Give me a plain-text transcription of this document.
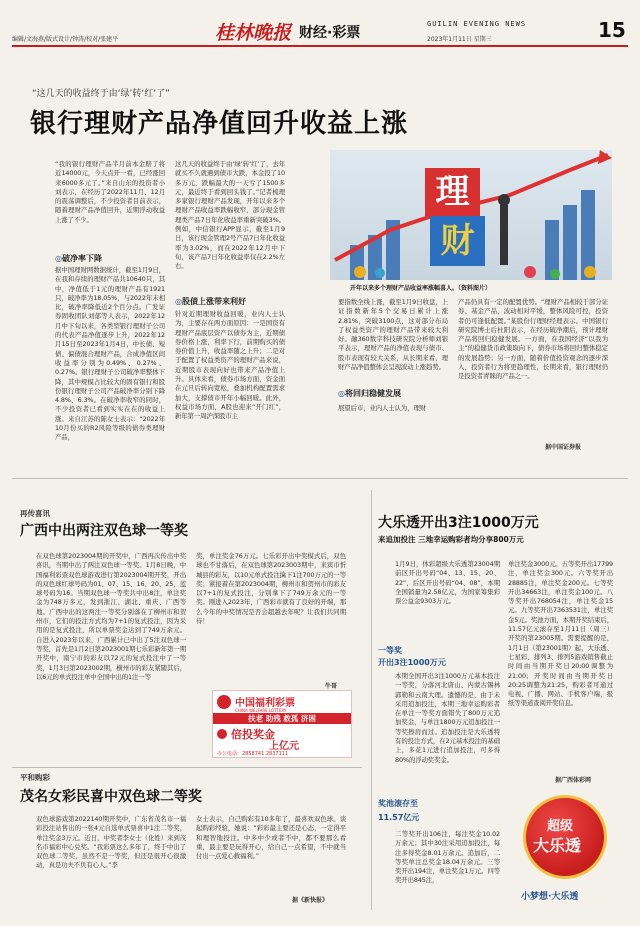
编辑/文海燕/版式设计/钟涛/校对/张建平	桂林晚报 财经·彩票
GUILIN EVENING NEWS
2023年1月11日 星期三	15
“这几天的收益终于由‘绿’转‘红’了”
银行理财产品净值回升收益上涨
“我的银行理财产品半月前本金赔了将近14000元，今天点开一看，已经涨回来6000多元了。”来自山东的投资者小刘表示，在经历了2022年11月、12月的震荡调整后，不少投资者目前表示，随着理财产品净值回升，近期浮动收益上涨了不少。
◎破净率下降
据中国理财网数据统计，截至1月9日，在我和存续的理财产品共10640只，其中，净值低于1元的理财产品有1921只，破净率为18.05%，与2022年末相比，破净率降低近2个百分点。广发证券固收团队刘郁等人表示，2022年12月中下旬以来，各类型银行理财子公司的代表产品净值逐步上升，2022年12月15日至2023年1月4日，中长债、短债、偏债混合理财产品，合成净值区间收益率分别为0.49%、0.27%、0.27%。银行理财子公司破净率整体下降，其中规模占比较大的固有银行和股份银行理财子公司产品破净率分别下降4.8%、6.3%。在破净率收窄的同时，不少投资者已看到实实在在的收益上涨。来自江苏的陈女士表示：“2022年10月份买的R2风险等级的债券类理财产品，
这几天的收益终于由‘绿’转‘红’了，去年就买不久就遇到债市大跌，本金投了10多万元，跌幅最大的一天亏了1500多元，最近终于看到回头钱了。”记者梳理多家银行理财产品发现，开年以来多个理财产品收益率跌幅收窄，部分现金管理类产品7日年化收益率重新突破3%。例如，中信银行APP显示，截至1月9日，该行现金管理2号产品7日年化收益率为3.02%，而在2022年12月中下旬，该产品7日年化收益率仅在2.2%左右。
◎股债上涨带来利好
针对近期理财收益回暖，业内人士认为，主要存在两方面原因：一是国资有理财产品底层资产以债券为主，近期债券价格上涨，利率下行，前期购买的债券价值上升，收益率随之上升；二是对于配置了权益类资产的理财产品来说，近期股市表现向好也带来产品净值上升。具体来看，债券市场方面，资金面在元旦后转向宽松，叠加机构配置需求加大，支撑债市开年小幅回暖。此外，权益市场方面，A股也迎来“开门红”，新年第一周沪深股市主
理
财
开年以来多个理财产品收益率涨幅喜人。（资料图片）
要指数全线上涨，截至1月9日收盘，上证指数新年5个交易日累计上涨2.81%，突破3100点，这对部分布局了权益类资产的理财产品带来较大利好。融360数字科技研究院分析师刘银平表示，理财产品的净值表现与债市、股市表现有较大关系，从长期来看，理财产品净值整体会呈现波动上涨趋势。
◎将回归稳健发展
展望后市，业内人士认为，理财
产品仍具有一定的配置优势。“理财产品相较于部分证券、基金产品，波动相对平缓，整体风险可控，投资者仍可逢低配置。”某股份行理财经理表示。中国银行研究院博士后杜阳表示，在经历破净潮后，预计理财产品将回归稳健发展。一方面，在我国经济“以我为主”的稳健货币政策取向下，债券市场将回归整体稳定的发展趋势；另一方面，随着价值投资观念的逐步深入，投资者行为将更趋理性，长期来看，银行理财仍是投资者青睐的产品之一。
据中国证券报
再传喜讯
广西中出两注双色球一等奖
在双色球第2023004期的开奖中，广西再次传出中奖喜讯，当期中出了两注双色球一等奖。1月8日晚，中国福利彩票双色球游戏进行第2023004期开奖，开出的双色球红球号码为01、07、15、16、20、25，蓝球号码为16。当期双色球一等奖共中出8注，单注奖金为748万多元，发到浙江、湖北、重庆、广西等地。广西中出的这两注一等奖分别落在了柳州市和贺州市，它们的投注方式均为7+1的复式投注，因为采用的是复式投注，所以单票奖金达到了749万余元。自进入2023年以来，广西累计已中出了5注双色球一等奖，首先是1月2日第2023001期七乐彩新年第一期开奖中，南宁市的彩友以72元的复式投注中了一等奖，1月3日第2023002期，横州市的彩友紧随其后，以6元的单式投注单中全国中出的1注一等
奖，单注奖金76万元。七乐彩开出中奖模式后，双色球也不甘落后，在双色球第2023003期中，来宾市忻城县的彩友，以10元单式投注擒下1注700万元的一等奖；紧接着在第2023004期，柳州市和贺州市的彩友以7+1的复式投注，分别拿下了749万余元的一等奖。刚进入2023年，广西彩市就有了良好的开端，那么今年的中奖情况是否会超越去年呢？让我们共同期待！
牛哥
中国福利彩票
CHINA WELFARE LOTTERY
扶老 助残 救孤 济困
倍投奖金
上亿元
办公电话：2858741 2837111
平和购彩
茂名女彩民喜中双色球二等奖
双色球游戏第2022140期开奖中，广东省茂名市一福彩投注站售出的一张4元自选单式票喜中1注二等奖，单注奖金3万元。近日，中奖者李女士（化姓）来到茂名市福彩中心兑奖。“我彩票这么多年了，终于中出了双色球二等奖，虽然不是一等奖，但还是很开心很激动，真是功夫不负有心人。”李
女士表示，自己购彩有10多年了，最喜欢双色球。谈起购彩经验，她说：“彩彩最主要还是心态，一定得平和理智地投注。中多中少或者不中，都不要那么看重，最主要是玩得开心，给自己一点希望，不中就当付出一点爱心救福利。”
据《新快报》
大乐透开出3注1000万元
来追加投注 三地幸运购彩者均分享800万元
1月9日，体彩超级大乐透第23004期前区开出号码“04、13、15、20、22”，后区开出号码“04、08”，本期全国销量为2.58亿元，为国家筹集彩票公益金9303万元。
一等奖
开出3注1000万元
本期全国开出3注1000万元基本投注一等奖，分落河北唐山、内蒙古锡林郭勒和云南大理。遗憾的是，由于未采用追加投注，本期三地幸运购彩者在单注一等奖方面错失了800万元追加奖金，与单注1800万元追加投注一等奖擦肩而过。追加投注是大乐透特有的投注方式，在2元基本投注的基础上，多花1元进行追加投注，可多得80%的浮动奖奖金。
奖池滚存至
11.57亿元
二等奖开出106注，每注奖金10.02万余元；其中30注采用追加投注，每注多得奖金8.01万余元。追加后，二等奖单注总奖金18.04万余元。三等奖开出194注，单注奖金1万元。四等奖开出845注，
单注奖金3000元。五等奖开出17799注，单注奖金300元。六等奖开出28885注，单注奖金200元。七等奖开出34663注，单注奖金100元。八等奖开出768054注，单注奖金15元。九等奖开出7363531注，单注奖金5元。奖池方面，本期开奖结束后，11.57亿元滚存至1月11日（周三）开奖的第23005期。需要提醒的是，1月1日（第23001期）起，大乐透、七星彩、排列3、排列5游戏销售截止时间由当期开奖日20:00调整为21:00；开奖时间由当期开奖日20:25调整为21:25，购彩者可通过电视、广播、网站、手机客户端，报纸等渠道查阅开奖信息。
据广西体彩网
超级
大乐透
小梦想·大乐透
